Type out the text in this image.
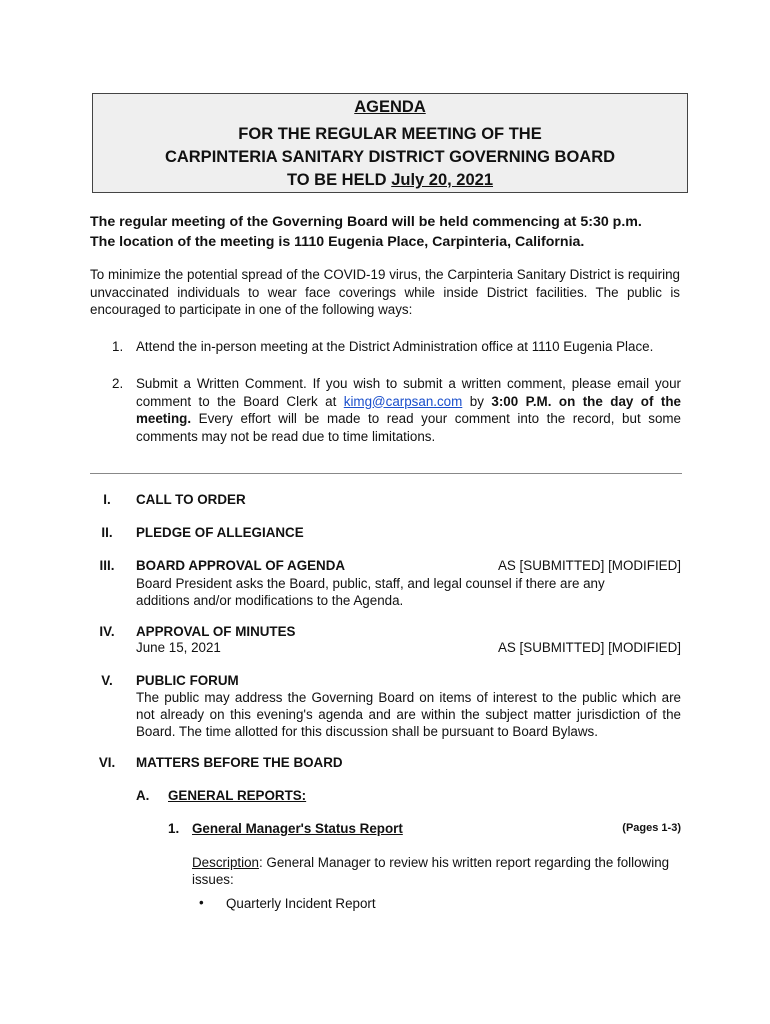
AGENDA
FOR THE REGULAR MEETING OF THE
CARPINTERIA SANITARY DISTRICT GOVERNING BOARD
TO BE HELD July 20, 2021
The regular meeting of the Governing Board will be held commencing at 5:30 p.m.
The location of the meeting is 1110 Eugenia Place, Carpinteria, California.
To minimize the potential spread of the COVID-19 virus, the Carpinteria Sanitary District is requiring unvaccinated individuals to wear face coverings while inside District facilities. The public is encouraged to participate in one of the following ways:
1. Attend the in-person meeting at the District Administration office at 1110 Eugenia Place.
2. Submit a Written Comment. If you wish to submit a written comment, please email your comment to the Board Clerk at kimg@carpsan.com by 3:00 P.M. on the day of the meeting. Every effort will be made to read your comment into the record, but some comments may not be read due to time limitations.
I.	CALL TO ORDER
II.	PLEDGE OF ALLEGIANCE
III.	BOARD APPROVAL OF AGENDA	AS [SUBMITTED] [MODIFIED]
Board President asks the Board, public, staff, and legal counsel if there are any additions and/or modifications to the Agenda.
IV.	APPROVAL OF MINUTES
June 15, 2021	AS [SUBMITTED] [MODIFIED]
V.	PUBLIC FORUM
The public may address the Governing Board on items of interest to the public which are not already on this evening's agenda and are within the subject matter jurisdiction of the Board. The time allotted for this discussion shall be pursuant to Board Bylaws.
VI.	MATTERS BEFORE THE BOARD
A. GENERAL REPORTS:
1. General Manager's Status Report	(Pages 1-3)
Description: General Manager to review his written report regarding the following issues:
• Quarterly Incident Report
